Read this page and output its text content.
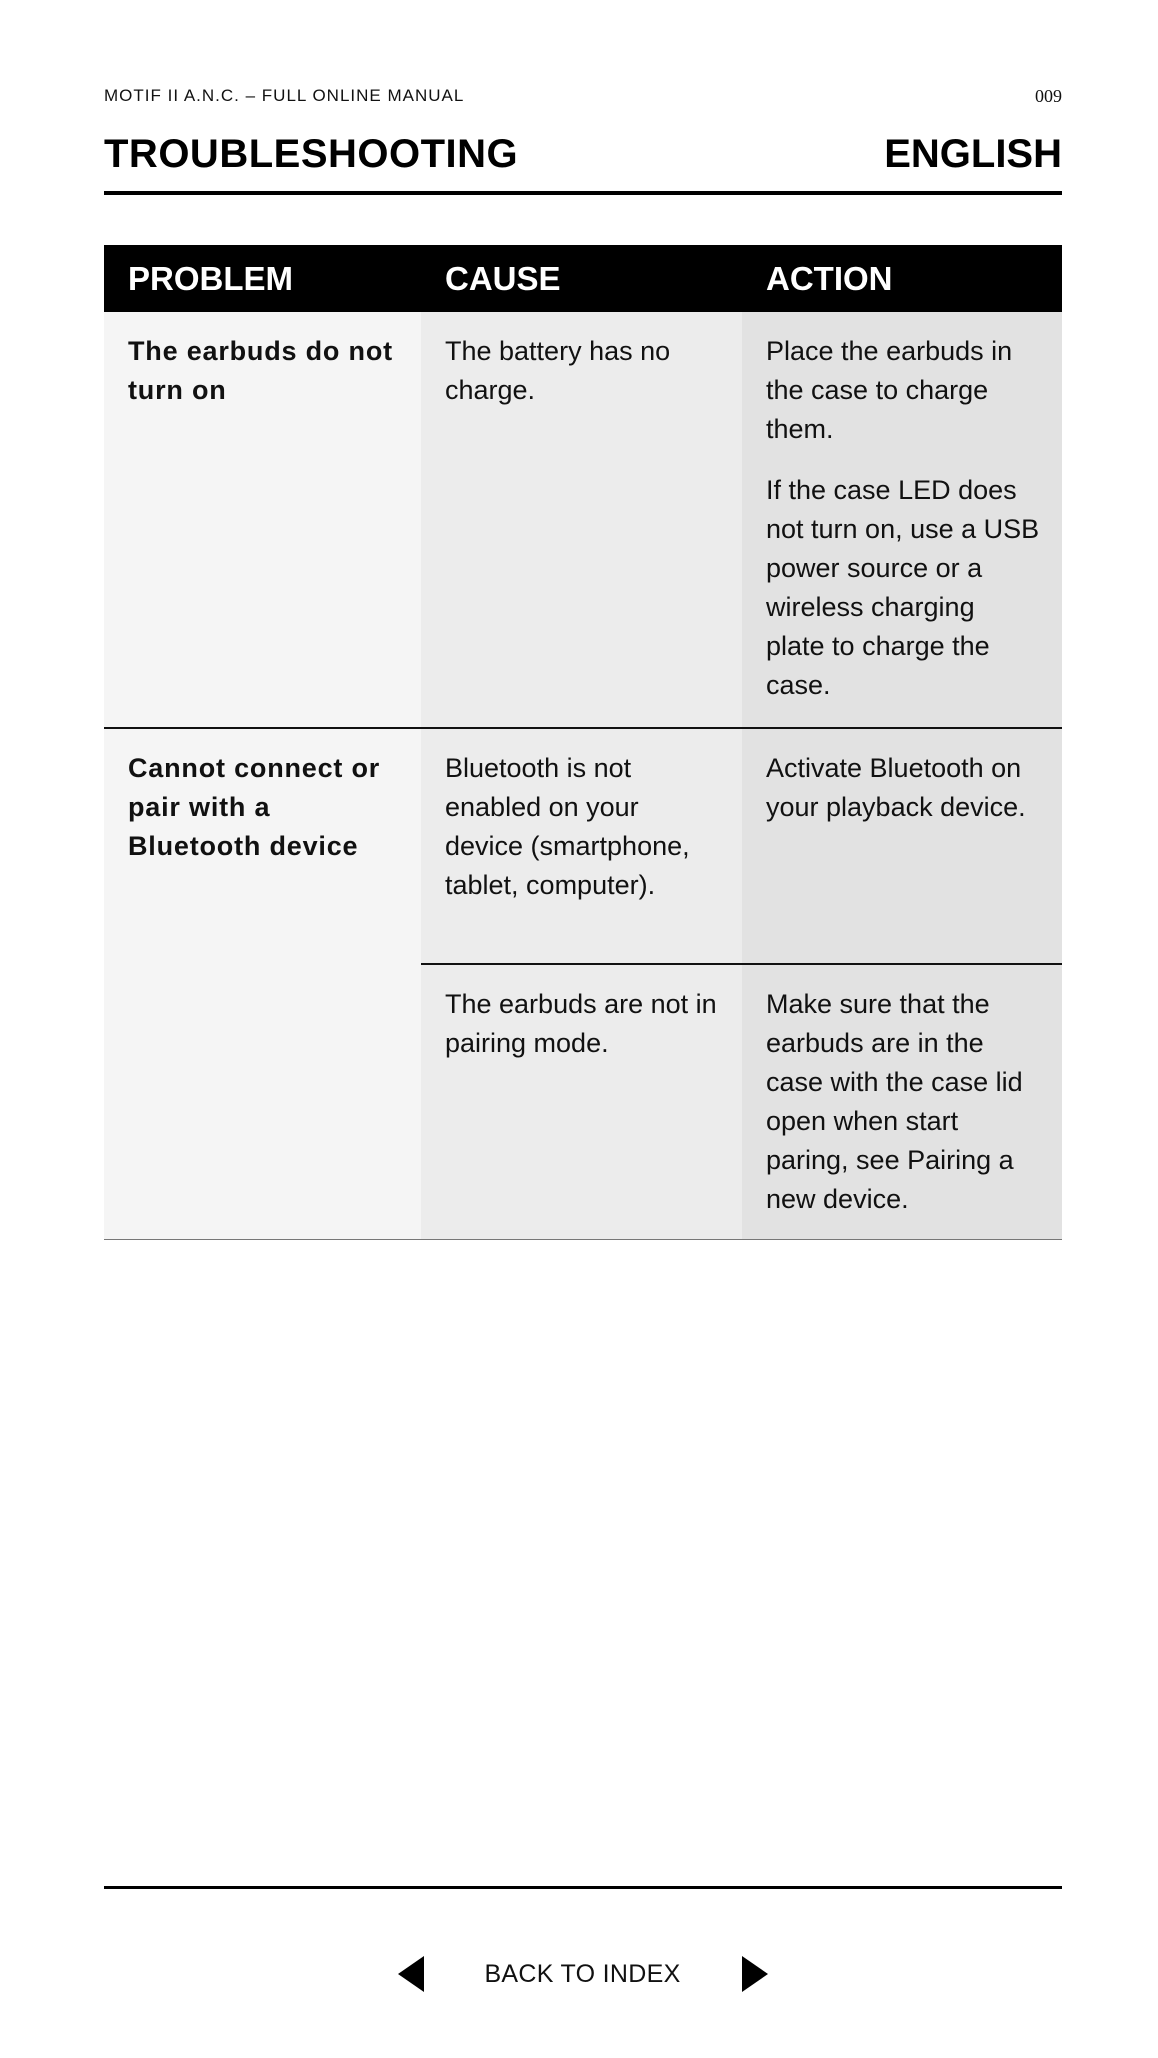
MOTIF II A.N.C. – FULL ONLINE MANUAL	009
TROUBLESHOOTING	ENGLISH
PROBLEM	CAUSE	ACTION
The earbuds do not turn on	The battery has no charge.	Place the earbuds in the case to charge them.

If the case LED does not turn on, use a USB power source or a wireless charging plate to charge the case.

Cannot connect or pair with a Bluetooth device	Bluetooth is not enabled on your device (smartphone, tablet, computer).	Activate Bluetooth on your playback device.
	The earbuds are not in pairing mode.	Make sure that the earbuds are in the case with the case lid open when start paring, see Pairing a new device.
BACK TO INDEX
